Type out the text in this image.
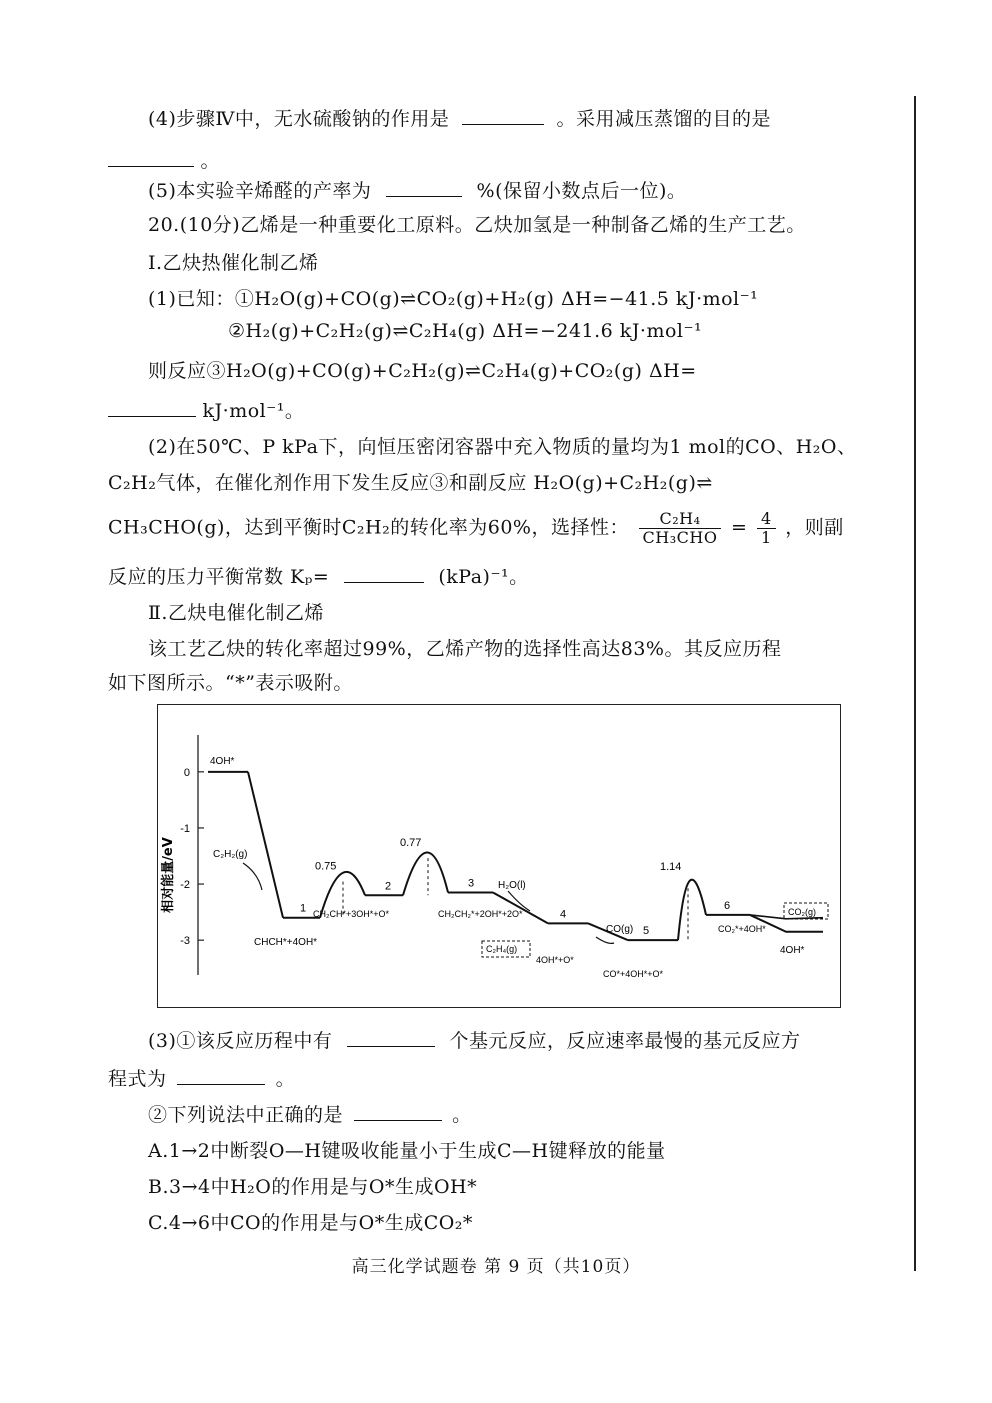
(4)步骤Ⅳ中，无水硫酸钠的作用是	。采用减压蒸馏的目的是
。
(5)本实验辛烯醛的产率为	%(保留小数点后一位)。
20.(10分)乙烯是一种重要化工原料。乙炔加氢是一种制备乙烯的生产工艺。
Ⅰ.乙炔热催化制乙烯
(1)已知：①H₂O(g)+CO(g)⇌CO₂(g)+H₂(g) ΔH=−41.5 kJ·mol⁻¹
②H₂(g)+C₂H₂(g)⇌C₂H₄(g) ΔH=−241.6 kJ·mol⁻¹
则反应③H₂O(g)+CO(g)+C₂H₂(g)⇌C₂H₄(g)+CO₂(g) ΔH=
kJ·mol⁻¹。
(2)在50℃、P kPa下，向恒压密闭容器中充入物质的量均为1 mol的CO、H₂O、
C₂H₂气体，在催化剂作用下发生反应③和副反应 H₂O(g)+C₂H₂(g)⇌
CH₃CHO(g)，达到平衡时C₂H₂的转化率为60%，选择性： $\frac{\text{C₂H₄}}{\text{CH₃CHO}} = \frac{4}{1}$ ，则副
反应的压力平衡常数 Kₚ=	(kPa)⁻¹。
Ⅱ.乙炔电催化制乙烯
该工艺乙炔的转化率超过99%，乙烯产物的选择性高达83%。其反应历程
如下图所示。“*”表示吸附。
0
-1
-2
-3
相对能量/eV	0.75
0.77
1.14
4OH*
1
2	3
4
5
6
C₂H₂(g)
CHCH*+4OH*
CH₂CH*+3OH*+O*	CH₂CH₂*+2OH*+2O*
H₂O(l)
C₂H₄(g)
4OH*+O*
CO(g)
CO*+4OH*+O*
CO₂*+4OH*
CO₂(g)
4OH*
(3)①该反应历程中有	个基元反应，反应速率最慢的基元反应方
程式为	。
②下列说法中正确的是	。
A.1→2中断裂O—H键吸收能量小于生成C—H键释放的能量
B.3→4中H₂O的作用是与O*生成OH*
C.4→6中CO的作用是与O*生成CO₂*
高三化学试题卷 第 9 页（共10页）
